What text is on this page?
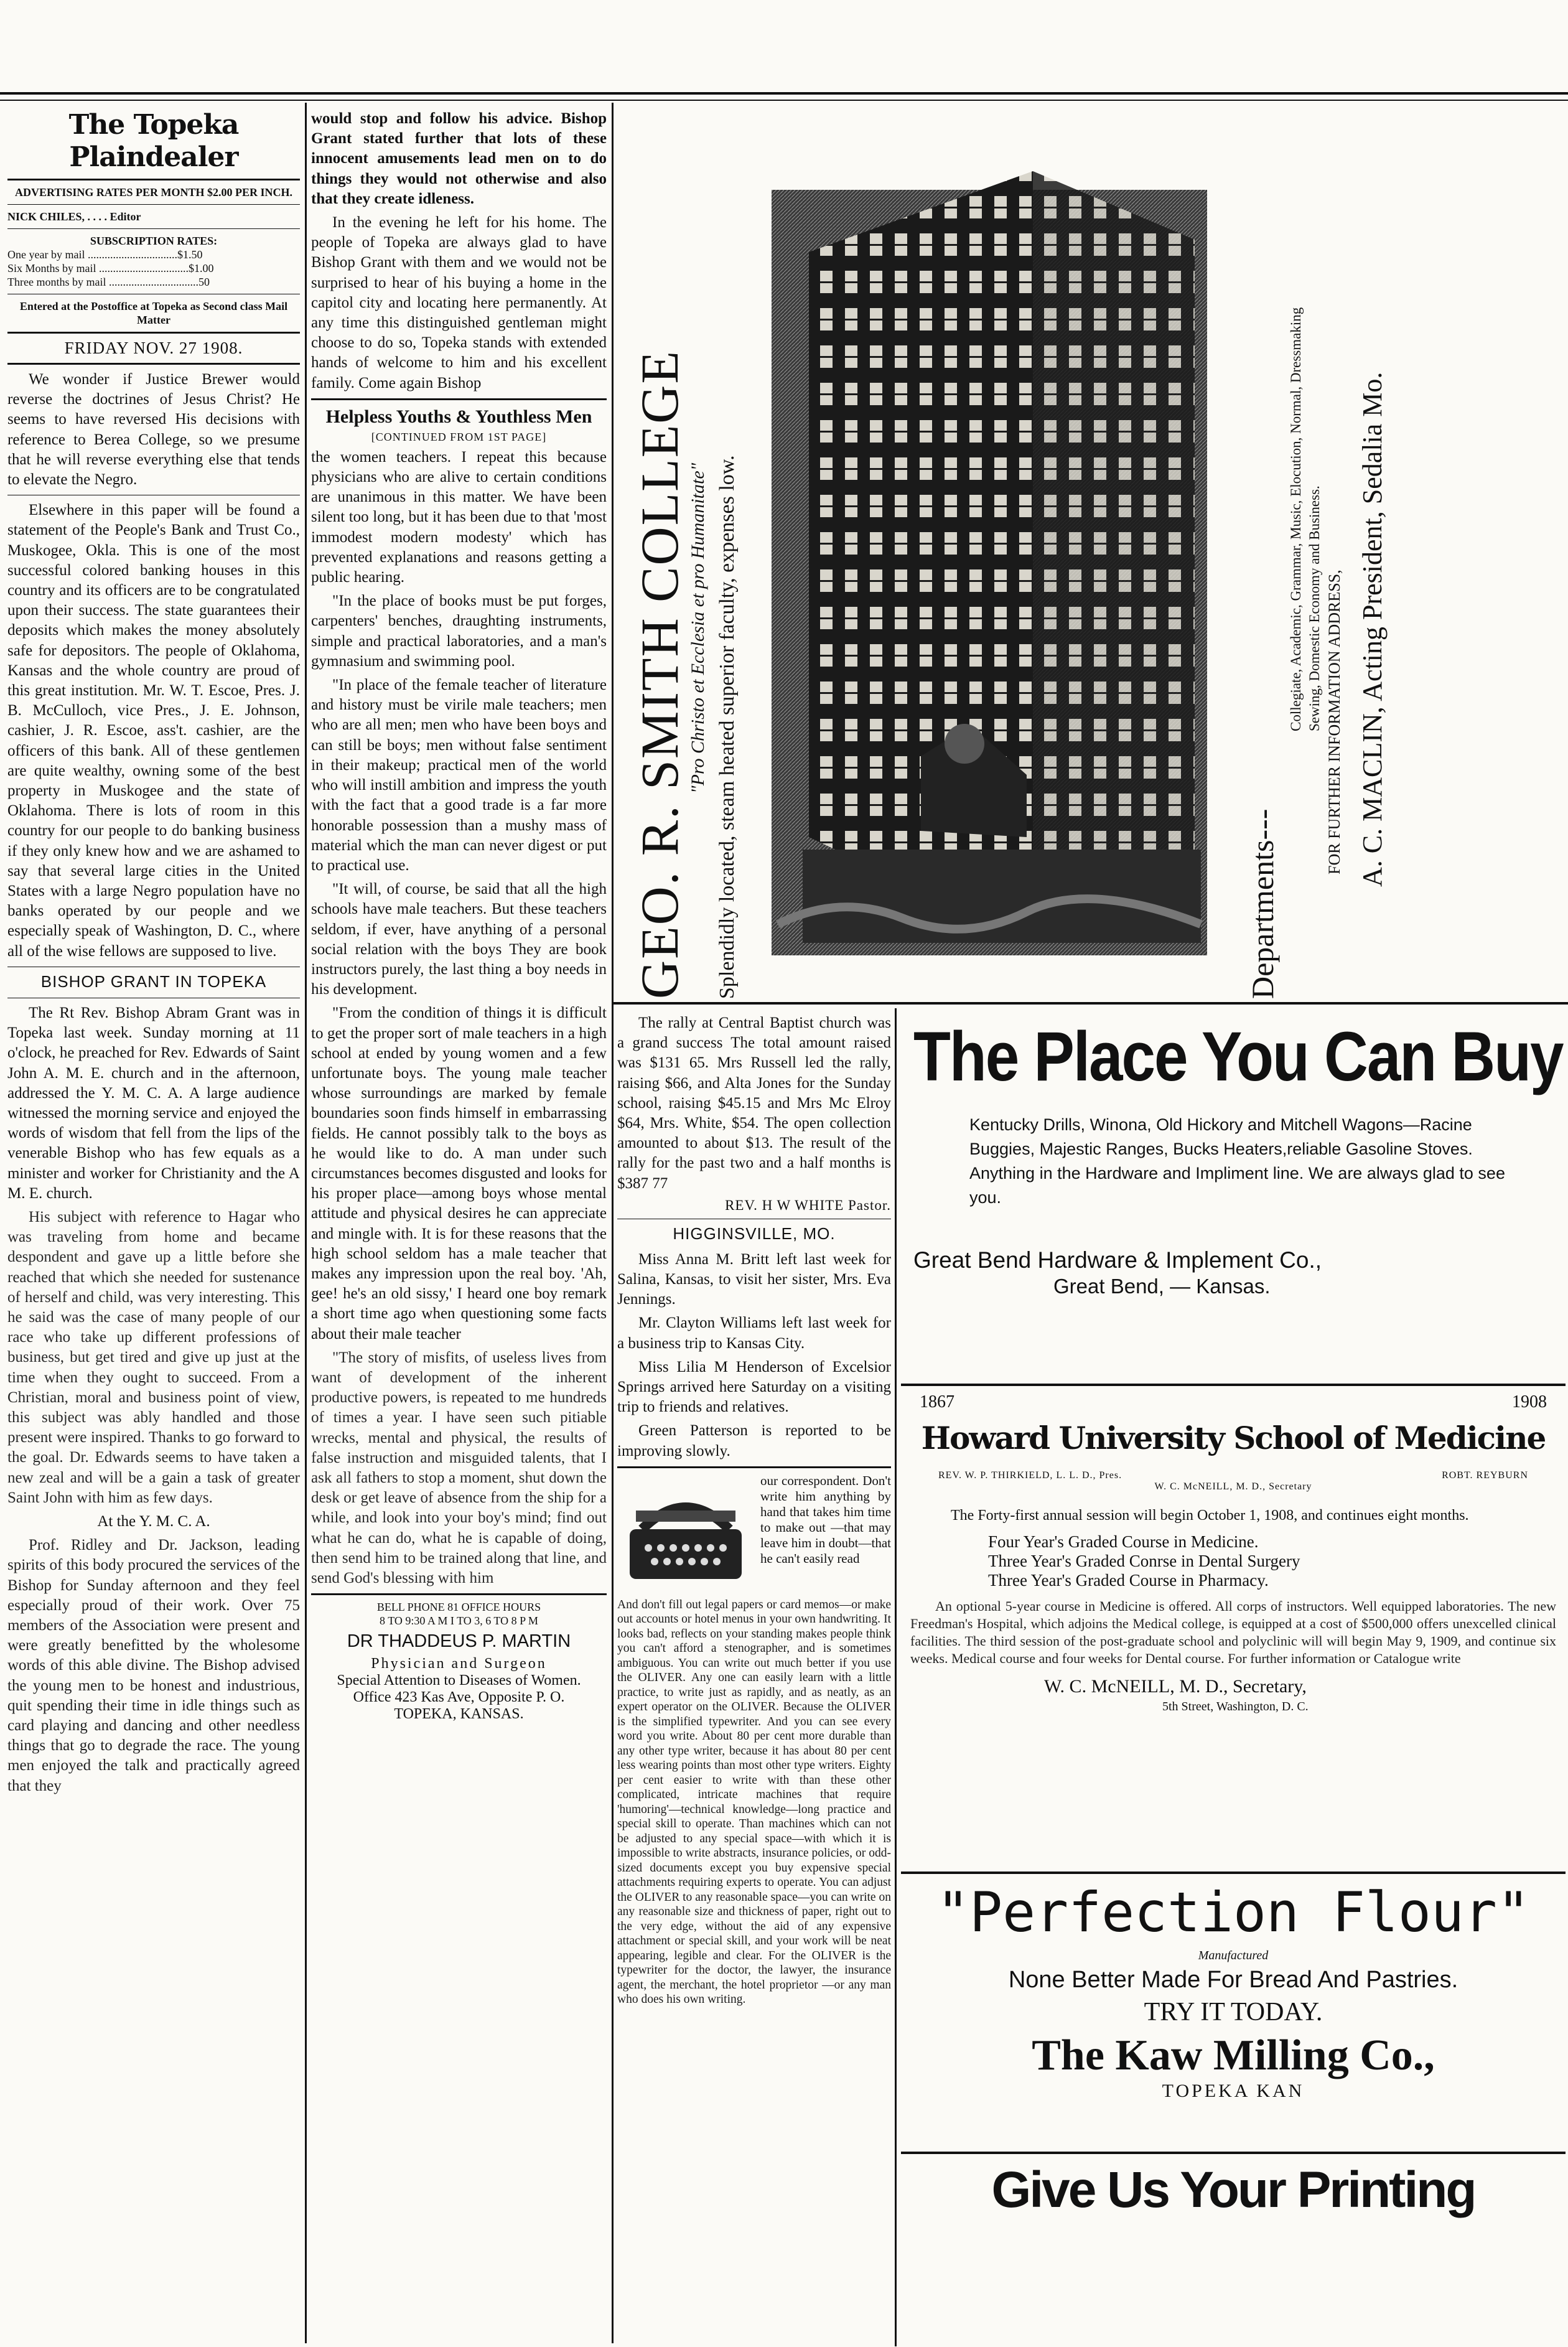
The Topeka Plaindealer

ADVERTISING RATES PER MONTH $2.00 PER INCH.
NICK CHILES, . . . . Editor
SUBSCRIPTION RATES:
One year by mail ................................$1.50
Six Months by mail ................................$1.00
Three months by mail ................................50
Entered at the Postoffice at Topeka as Second class Mail Matter
FRIDAY NOV. 27 1908.

We wonder if Justice Brewer would reverse the doctrines of Jesus Christ? He seems to have reversed His decisions with reference to Berea College, so we presume that he will reverse everything else that tends to elevate the Negro.

Elsewhere in this paper will be found a statement of the People's Bank and Trust Co., Muskogee, Okla. This is one of the most successful colored banking houses in this country and its officers are to be congratulated upon their success. The state guarantees their deposits which makes the money absolutely safe for depositors. The people of Oklahoma, Kansas and the whole country are proud of this great institution. Mr. W. T. Escoe, Pres. J. B. McCulloch, vice Pres., J. E. Johnson, cashier, J. R. Escoe, ass't. cashier, are the officers of this bank. All of these gentlemen are quite wealthy, owning some of the best property in Muskogee and the state of Oklahoma. There is lots of room in this country for our people to do banking business if they only knew how and we are ashamed to say that several large cities in the United States with a large Negro population have no banks operated by our people and we especially speak of Washington, D. C., where all of the wise fellows are supposed to live.

BISHOP GRANT IN TOPEKA

The Rt Rev. Bishop Abram Grant was in Topeka last week. Sunday morning at 11 o'clock, he preached for Rev. Edwards of Saint John A. M. E. church and in the afternoon, addressed the Y. M. C. A. A large audience witnessed the morning service and enjoyed the words of wisdom that fell from the lips of the venerable Bishop who has few equals as a minister and worker for Christianity and the A M. E. church.

His subject with reference to Hagar who was traveling from home and became despondent and gave up a little before she reached that which she needed for sustenance of herself and child, was very interesting. This he said was the case of many people of our race who take up different professions of business, but get tired and give up just at the time when they ought to succeed. From a Christian, moral and business point of view, this subject was ably handled and those present were inspired. Thanks to go forward to the goal. Dr. Edwards seems to have taken a new zeal and will be a gain a task of greater Saint John with him as few days.

At the Y. M. C. A.

Prof. Ridley and Dr. Jackson, leading spirits of this body procured the services of the Bishop for Sunday afternoon and they feel especially proud of their work. Over 75 members of the Association were present and were greatly benefitted by the wholesome words of this able divine. The Bishop advised the young men to be honest and industrious, quit spending their time in idle things such as card playing and dancing and other needless things that go to degrade the race. The young men enjoyed the talk and practically agreed that they

would stop and follow his advice. Bishop Grant stated further that lots of these innocent amusements lead men on to do things they would not otherwise and also that they create idleness.

In the evening he left for his home. The people of Topeka are always glad to have Bishop Grant with them and we would not be surprised to hear of his buying a home in the capitol city and locating here permanently. At any time this distinguished gentleman might choose to do so, Topeka stands with extended hands of welcome to him and his excellent family. Come again Bishop

Helpless Youths & Youthless Men
[CONTINUED FROM 1ST PAGE]

the women teachers. I repeat this because physicians who are alive to certain conditions are unanimous in this matter. We have been silent too long, but it has been due to that 'most immodest modern modesty' which has prevented explanations and reasons getting a public hearing.

"In the place of books must be put forges, carpenters' benches, draughting instruments, simple and practical laboratories, and a man's gymnasium and swimming pool.

"In place of the female teacher of literature and history must be virile male teachers; men who are all men; men who have been boys and can still be boys; men without false sentiment in their makeup; practical men of the world who will instill ambition and impress the youth with the fact that a good trade is a far more honorable possession than a mushy mass of material which the man can never digest or put to practical use.

"It will, of course, be said that all the high schools have male teachers. But these teachers seldom, if ever, have anything of a personal social relation with the boys They are book instructors purely, the last thing a boy needs in his development.

"From the condition of things it is difficult to get the proper sort of male teachers in a high school at ended by young women and a few unfortunate boys. The young male teacher whose surroundings are marked by female boundaries soon finds himself in embarrassing fields. He cannot possibly talk to the boys as he would like to do. A man under such circumstances becomes disgusted and looks for his proper place—among boys whose mental attitude and physical desires he can appreciate and mingle with. It is for these reasons that the high school seldom has a male teacher that makes any impression upon the real boy. 'Ah, gee! he's an old sissy,' I heard one boy remark a short time ago when questioning some facts about their male teacher

"The story of misfits, of useless lives from want of development of the inherent productive powers, is repeated to me hundreds of times a year. I have seen such pitiable wrecks, mental and physical, the results of false instruction and misguided talents, that I ask all fathers to stop a moment, shut down the desk or get leave of absence from the ship for a while, and look into your boy's mind; find out what he can do, what he is capable of doing, then send him to be trained along that line, and send God's blessing with him

BELL PHONE 81 OFFICE HOURS
8 TO 9:30 A M I TO 3, 6 TO 8 P M
DR THADDEUS P. MARTIN
Physician and Surgeon
Special Attention to Diseases of Women.
Office 423 Kas Ave, Opposite P. O.
TOPEKA, KANSAS.
GEO. R. SMITH COLLEGE
"Pro Christo et Ecclesia et pro Humanitate" Splendidly located, steam heated superior faculty, expenses low.	Departments---
Collegiate, Academic, Grammar, Music, Elocution, Normal, Dressmaking Sewing, Domestic Economy and Business. FOR FURTHER INFORMATION ADDRESS, A. C. MACLIN, Acting President, Sedalia Mo.

The rally at Central Baptist church was a grand success The total amount raised was $131 65. Mrs Russell led the rally, raising $66, and Alta Jones for the Sunday school, raising $45.15 and Mrs Mc Elroy $64, Mrs. White, $54. The open collection amounted to about $13. The result of the rally for the past two and a half months is $387 77

REV. H W WHITE Pastor.
HIGGINSVILLE, MO.

Miss Anna M. Britt left last week for Salina, Kansas, to visit her sister, Mrs. Eva Jennings.

Mr. Clayton Williams left last week for a business trip to Kansas City.

Miss Lilia M Henderson of Excelsior Springs arrived here Saturday on a visiting trip to friends and relatives.

Green Patterson is reported to be improving slowly.

our correspondent. Don't write him anything by hand that takes him time to make out —that may leave him in doubt—that he can't easily read

And don't fill out legal papers or card memos—or make out accounts or hotel menus in your own handwriting. It looks bad, reflects on your standing makes people think you can't afford a stenographer, and is sometimes ambiguous. You can write out much better if you use the OLIVER. Any one can easily learn with a little practice, to write just as rapidly, and as neatly, as an expert operator on the OLIVER. Because the OLIVER is the simplified typewriter. And you can see every word you write. About 80 per cent more durable than any other type writer, because it has about 80 per cent less wearing points than most other type writers. Eighty per cent easier to write with than these other complicated, intricate machines that require 'humoring'—technical knowledge—long practice and special skill to operate. Than machines which can not be adjusted to any special space—with which it is impossible to write abstracts, insurance policies, or odd-sized documents except you buy expensive special attachments requiring experts to operate. You can adjust the OLIVER to any reasonable space—you can write on any reasonable size and thickness of paper, right out to the very edge, without the aid of any expensive attachment or special skill, and your work will be neat appearing, legible and clear. For the OLIVER is the typewriter for the doctor, the lawyer, the insurance agent, the merchant, the hotel proprietor —or any man who does his own writing.

The Place You Can Buy

Kentucky Drills, Winona, Old Hickory and Mitchell Wagons—Racine Buggies, Majestic Ranges, Bucks Heaters,reliable Gasoline Stoves. Anything in the Hardware and Impliment line. We are always glad to see you.

Great Bend Hardware & Implement Co.,
Great Bend, — Kansas.
1867	1908
Howard University School of Medicine
REV. W. P. THIRKIELD, L. L. D., Pres.	ROBT. REYBURN
W. C. McNEILL, M. D., Secretary

The Forty-first annual session will begin October 1, 1908, and continues eight months.

Four Year's Graded Course in Medicine.
Three Year's Graded Conrse in Dental Surgery
Three Year's Graded Course in Pharmacy.

An optional 5-year course in Medicine is offered. All corps of instructors. Well equipped laboratories. The new Freedman's Hospital, which adjoins the Medical college, is equipped at a cost of $500,000 offers unexcelled clinical facilities. The third session of the post-graduate school and polyclinic will will begin May 9, 1909, and continue six weeks. Medical course and four weeks for Dental course. For further information or Catalogue write

W. C. McNEILL, M. D., Secretary,
5th Street, Washington, D. C.
"Perfection Flour"
Manufactured
None Better Made For Bread And Pastries.
TRY IT TODAY.
The Kaw Milling Co.,
TOPEKA KAN
Give Us Your Printing
